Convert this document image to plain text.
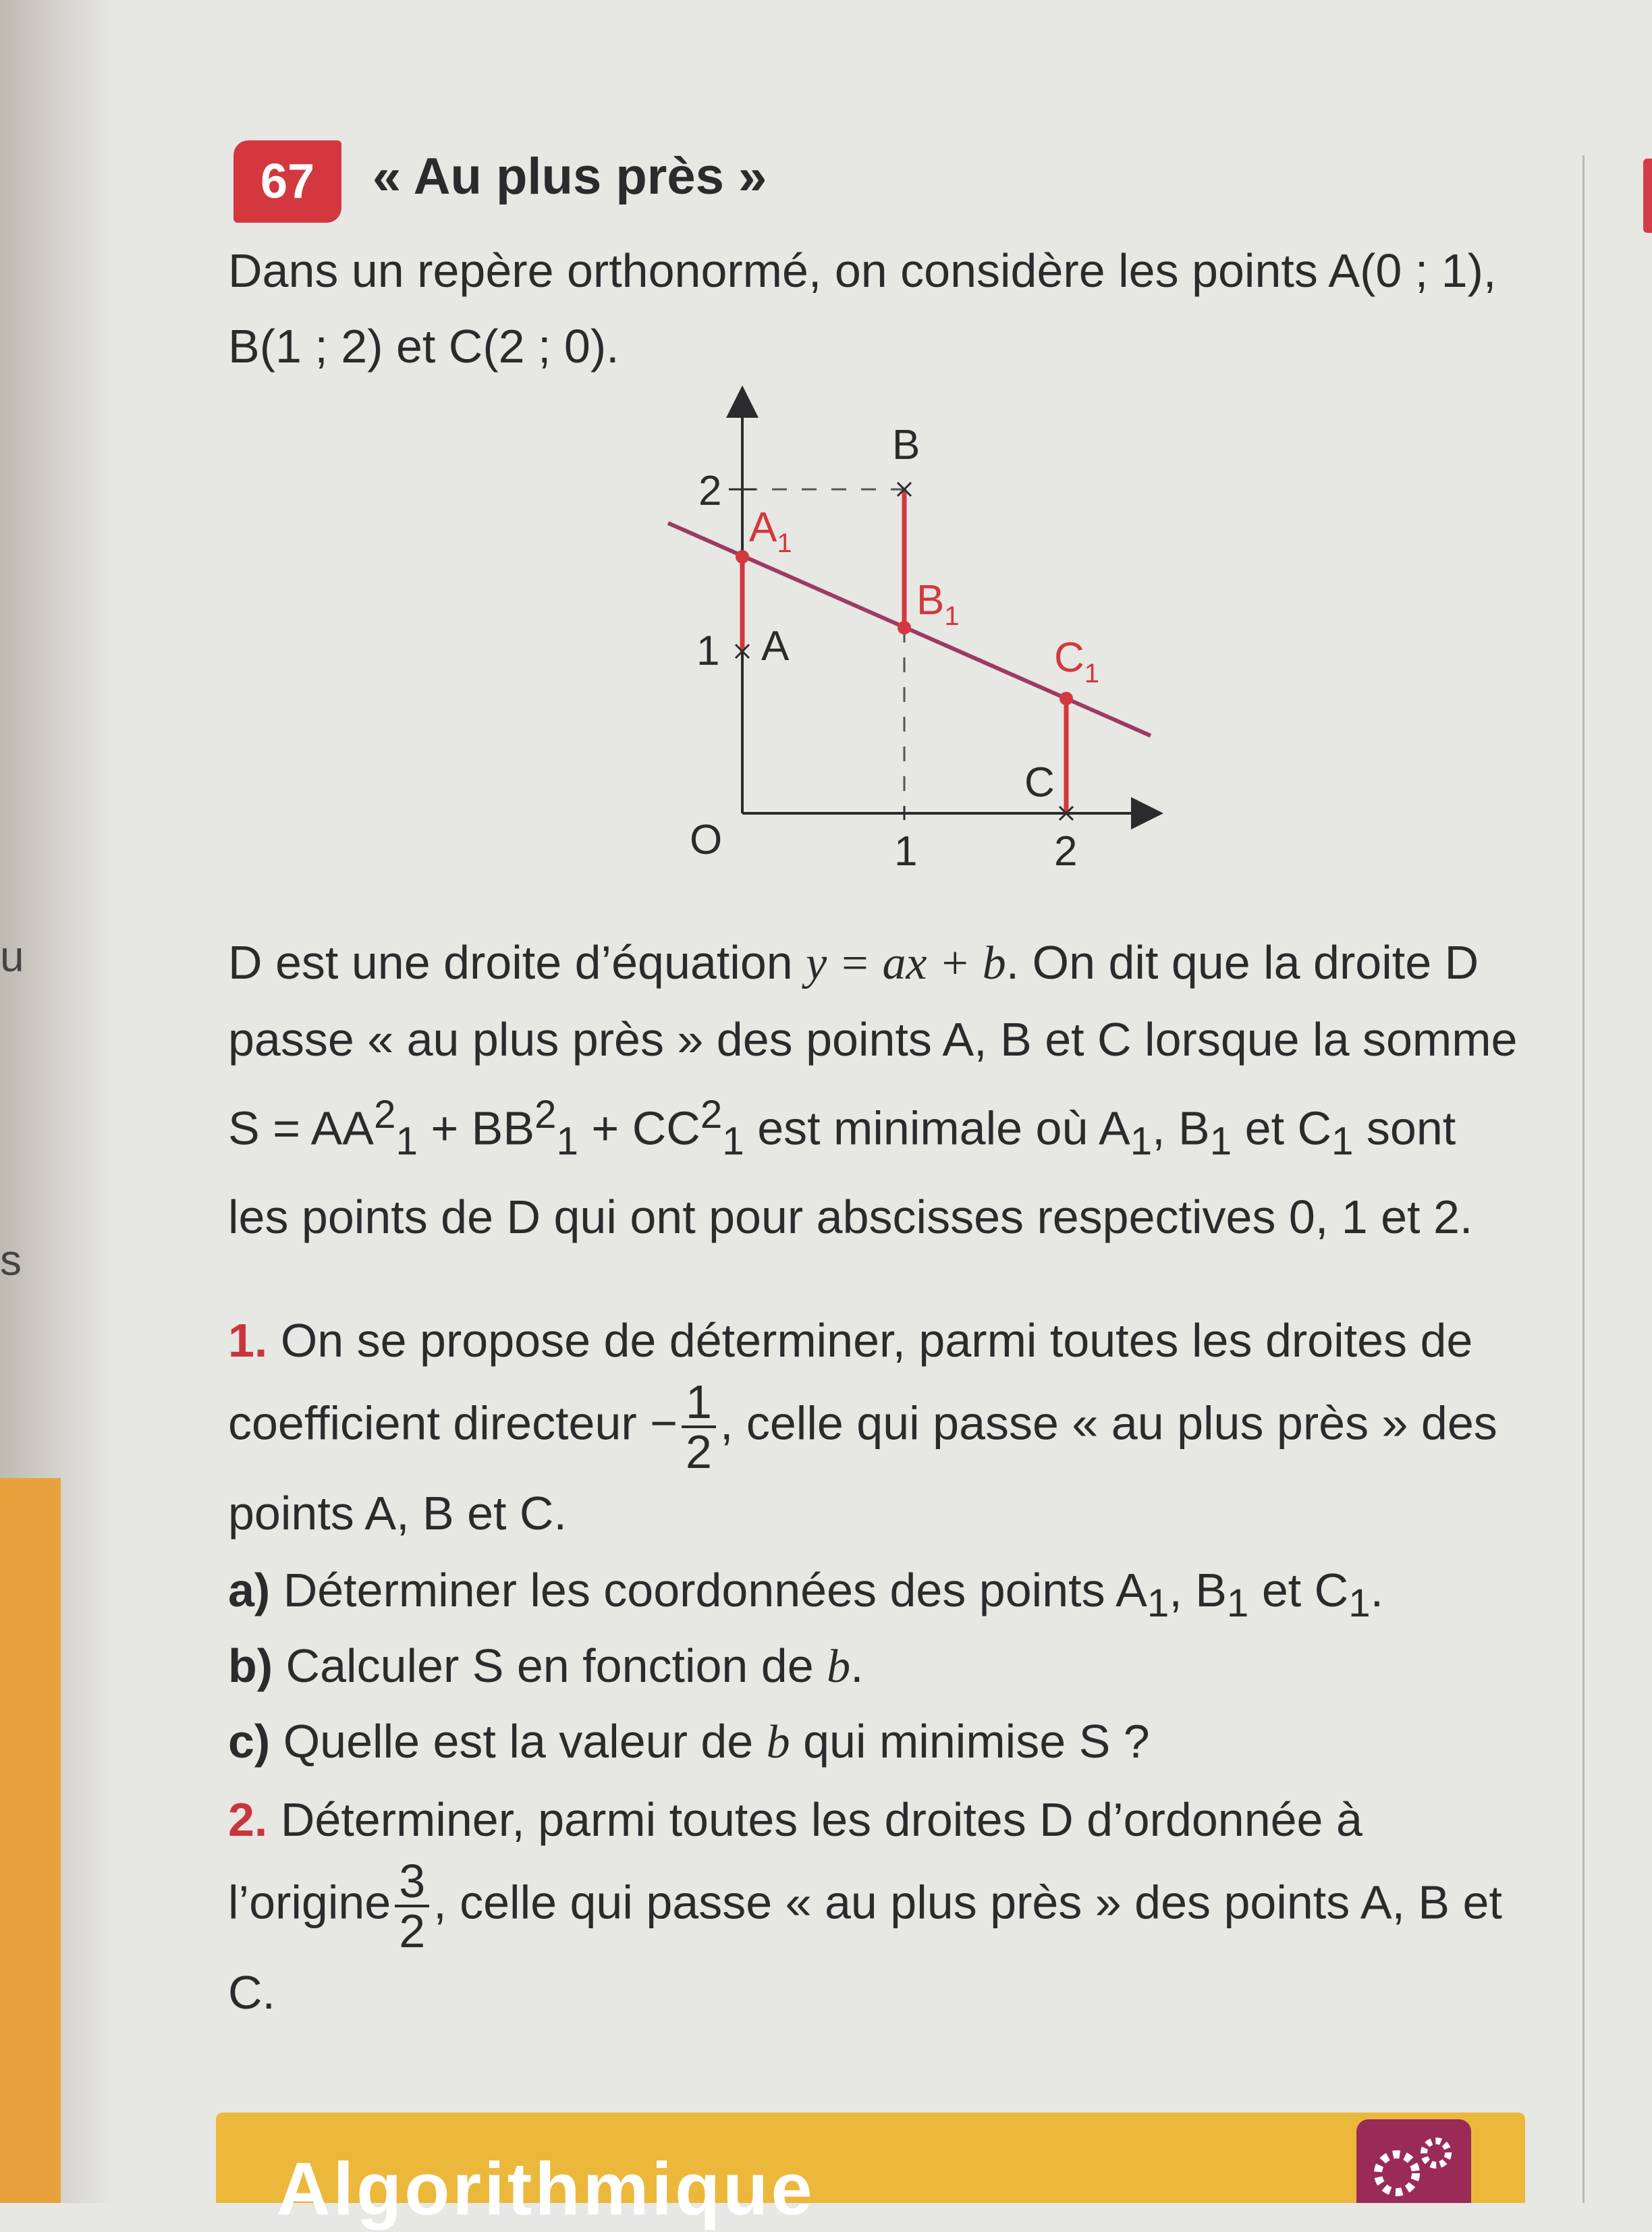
u
s
67	« Au plus près »
Dans un repère orthonormé, on considère les points A(0 ; 1), B(1 ; 2) et C(2 ; 0).
O	1	2
1
2
B
A
C
$A_1$
$B_1$
$C_1$
D est une droite d’équation y = ax + b. On dit que la droite D passe « au plus près » des points A, B et C lorsque la somme $S = AA^2_1 + BB^2_1 + CC^2_1$ est minimale où $A_1$, $B_1$ et $C_1$ sont les points de D qui ont pour abscisses respectives 0, 1 et 2.
1. On se propose de déterminer, parmi toutes les droites de coefficient directeur − $\frac{1}{2}$ , celle qui passe « au plus près » des points A, B et C.
a) Déterminer les coordonnées des points $A_1$, $B_1$ et $C_1$.
b) Calculer S en fonction de b.
c) Quelle est la valeur de b qui minimise S ?
2. Déterminer, parmi toutes les droites D d’ordonnée à l’origine $\frac{3}{2}$ , celle qui passe « au plus près » des points A, B et C.
Algorithmique
